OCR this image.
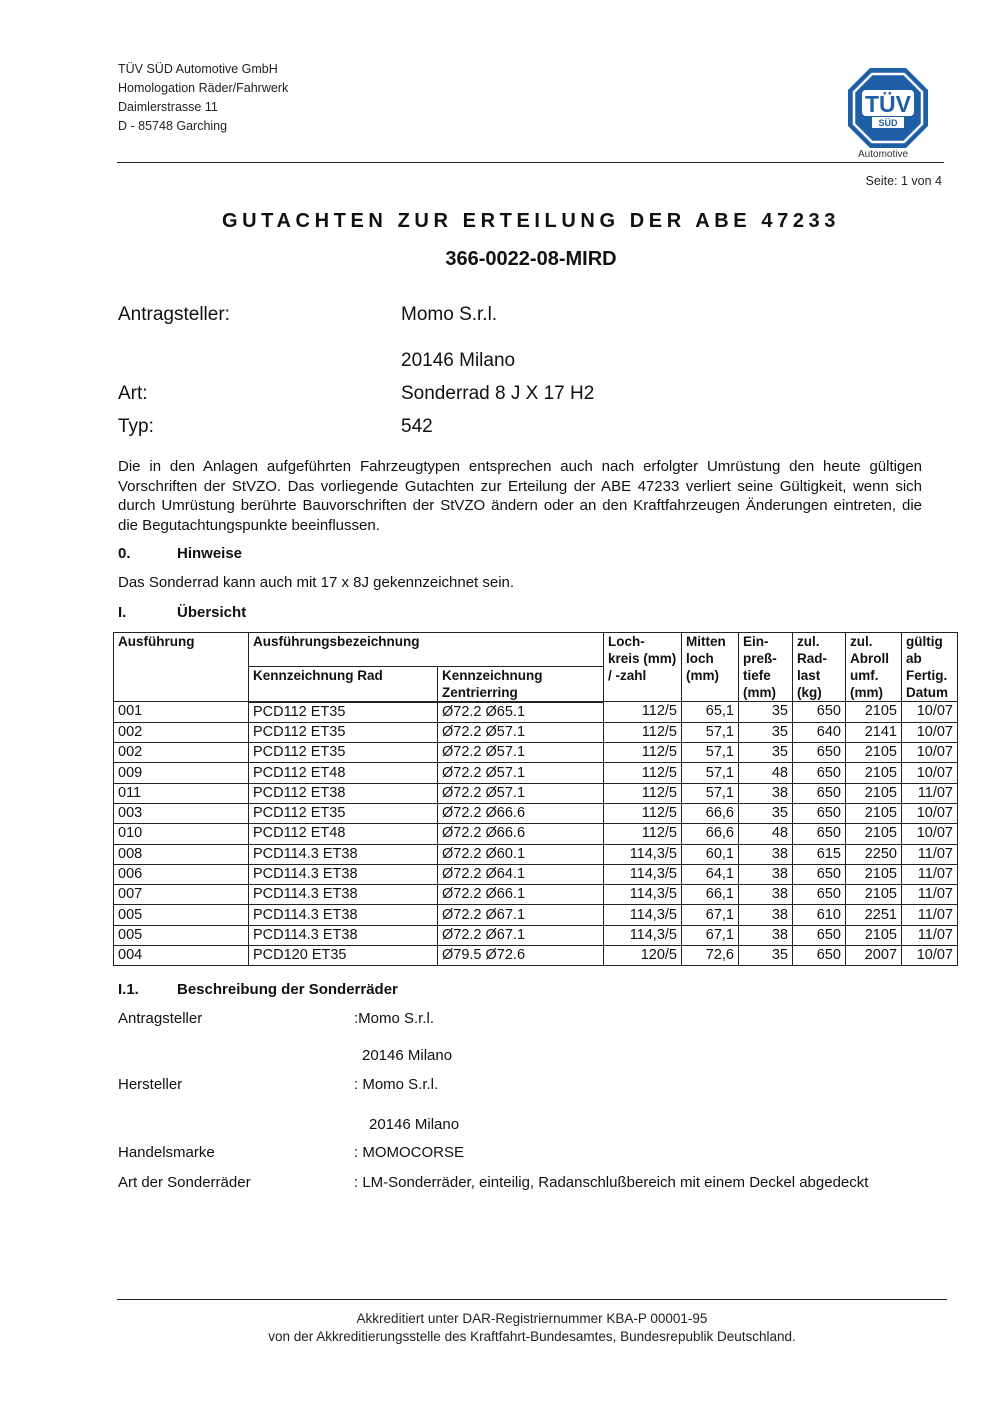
TÜV SÜD Automotive GmbH
Homologation Räder/Fahrwerk
Daimlerstrasse 11
D - 85748 Garching
TÜV
SÜD
Automotive
Seite: 1 von 4
GUTACHTEN ZUR ERTEILUNG DER ABE 47233
366-0022-08-MIRD
Antragsteller:	Momo S.r.l.
20146 Milano
Art:	Sonderrad 8 J X 17 H2
Typ:	542
Die in den Anlagen aufgeführten Fahrzeugtypen entsprechen auch nach erfolgter Umrüstung den heute gültigen Vorschriften der StVZO. Das vorliegende Gutachten zur Erteilung der ABE 47233 verliert seine Gültigkeit, wenn sich durch Umrüstung berührte Bauvorschriften der StVZO ändern oder an den Kraftfahrzeugen Änderungen eintreten, die die Begutachtungspunkte beeinflussen.
0.	Hinweise
Das Sonderrad kann auch mit 17 x 8J gekennzeichnet sein.
I.	Übersicht
Ausführung	Ausführungsbezeichnung		Loch- kreis (mm) / -zahl	Mitten loch (mm)	Ein- preß- tiefe (mm)	zul. Rad- last (kg)	zul. Abroll umf. (mm)	gültig ab Fertig. Datum
	Kennzeichnung Rad	Kennzeichnung Zentrierring						
001	PCD112 ET35	Ø72.2 Ø65.1	112/5	65,1	35	650	2105	10/07
002	PCD112 ET35	Ø72.2 Ø57.1	112/5	57,1	35	640	2141	10/07
002	PCD112 ET35	Ø72.2 Ø57.1	112/5	57,1	35	650	2105	10/07
009	PCD112 ET48	Ø72.2 Ø57.1	112/5	57,1	48	650	2105	10/07
011	PCD112 ET38	Ø72.2 Ø57.1	112/5	57,1	38	650	2105	11/07
003	PCD112 ET35	Ø72.2 Ø66.6	112/5	66,6	35	650	2105	10/07
010	PCD112 ET48	Ø72.2 Ø66.6	112/5	66,6	48	650	2105	10/07
008	PCD114.3 ET38	Ø72.2 Ø60.1	114,3/5	60,1	38	615	2250	11/07
006	PCD114.3 ET38	Ø72.2 Ø64.1	114,3/5	64,1	38	650	2105	11/07
007	PCD114.3 ET38	Ø72.2 Ø66.1	114,3/5	66,1	38	650	2105	11/07
005	PCD114.3 ET38	Ø72.2 Ø67.1	114,3/5	67,1	38	610	2251	11/07
005	PCD114.3 ET38	Ø72.2 Ø67.1	114,3/5	67,1	38	650	2105	11/07
004	PCD120 ET35	Ø79.5 Ø72.6	120/5	72,6	35	650	2007	10/07
I.1.	Beschreibung der Sonderräder
Antragsteller	:Momo S.r.l.
20146 Milano
Hersteller	: Momo S.r.l.
20146 Milano
Handelsmarke	: MOMOCORSE
Art der Sonderräder	: LM-Sonderräder, einteilig, Radanschlußbereich mit einem Deckel abgedeckt
Akkreditiert unter DAR-Registriernummer KBA-P 00001-95
von der Akkreditierungsstelle des Kraftfahrt-Bundesamtes, Bundesrepublik Deutschland.
